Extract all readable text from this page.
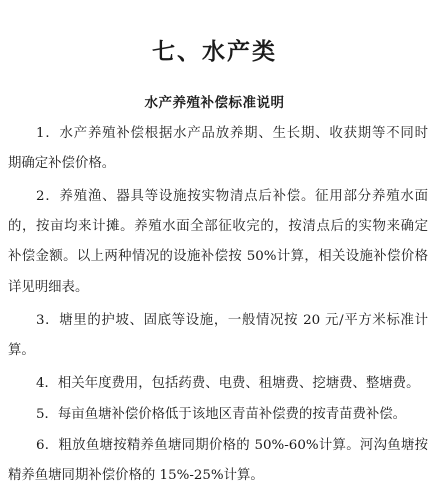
七、水产类
水产养殖补偿标准说明
1．水产养殖补偿根据水产品放养期、生长期、收获期等不同时
期确定补偿价格。
2．养殖渔、器具等设施按实物清点后补偿。征用部分养殖水面
的，按亩均来计摊。养殖水面全部征收完的，按清点后的实物来确定
补偿金额。以上两种情况的设施补偿按 50%计算，相关设施补偿价格
详见明细表。
3．塘里的护坡、固底等设施，一般情况按 20 元/平方米标准计
算。
4．相关年度费用，包括药费、电费、租塘费、挖塘费、整塘费。
5．每亩鱼塘补偿价格低于该地区青苗补偿费的按青苗费补偿。
6．粗放鱼塘按精养鱼塘同期价格的 50%-60%计算。河沟鱼塘按
精养鱼塘同期补偿价格的 15%-25%计算。
